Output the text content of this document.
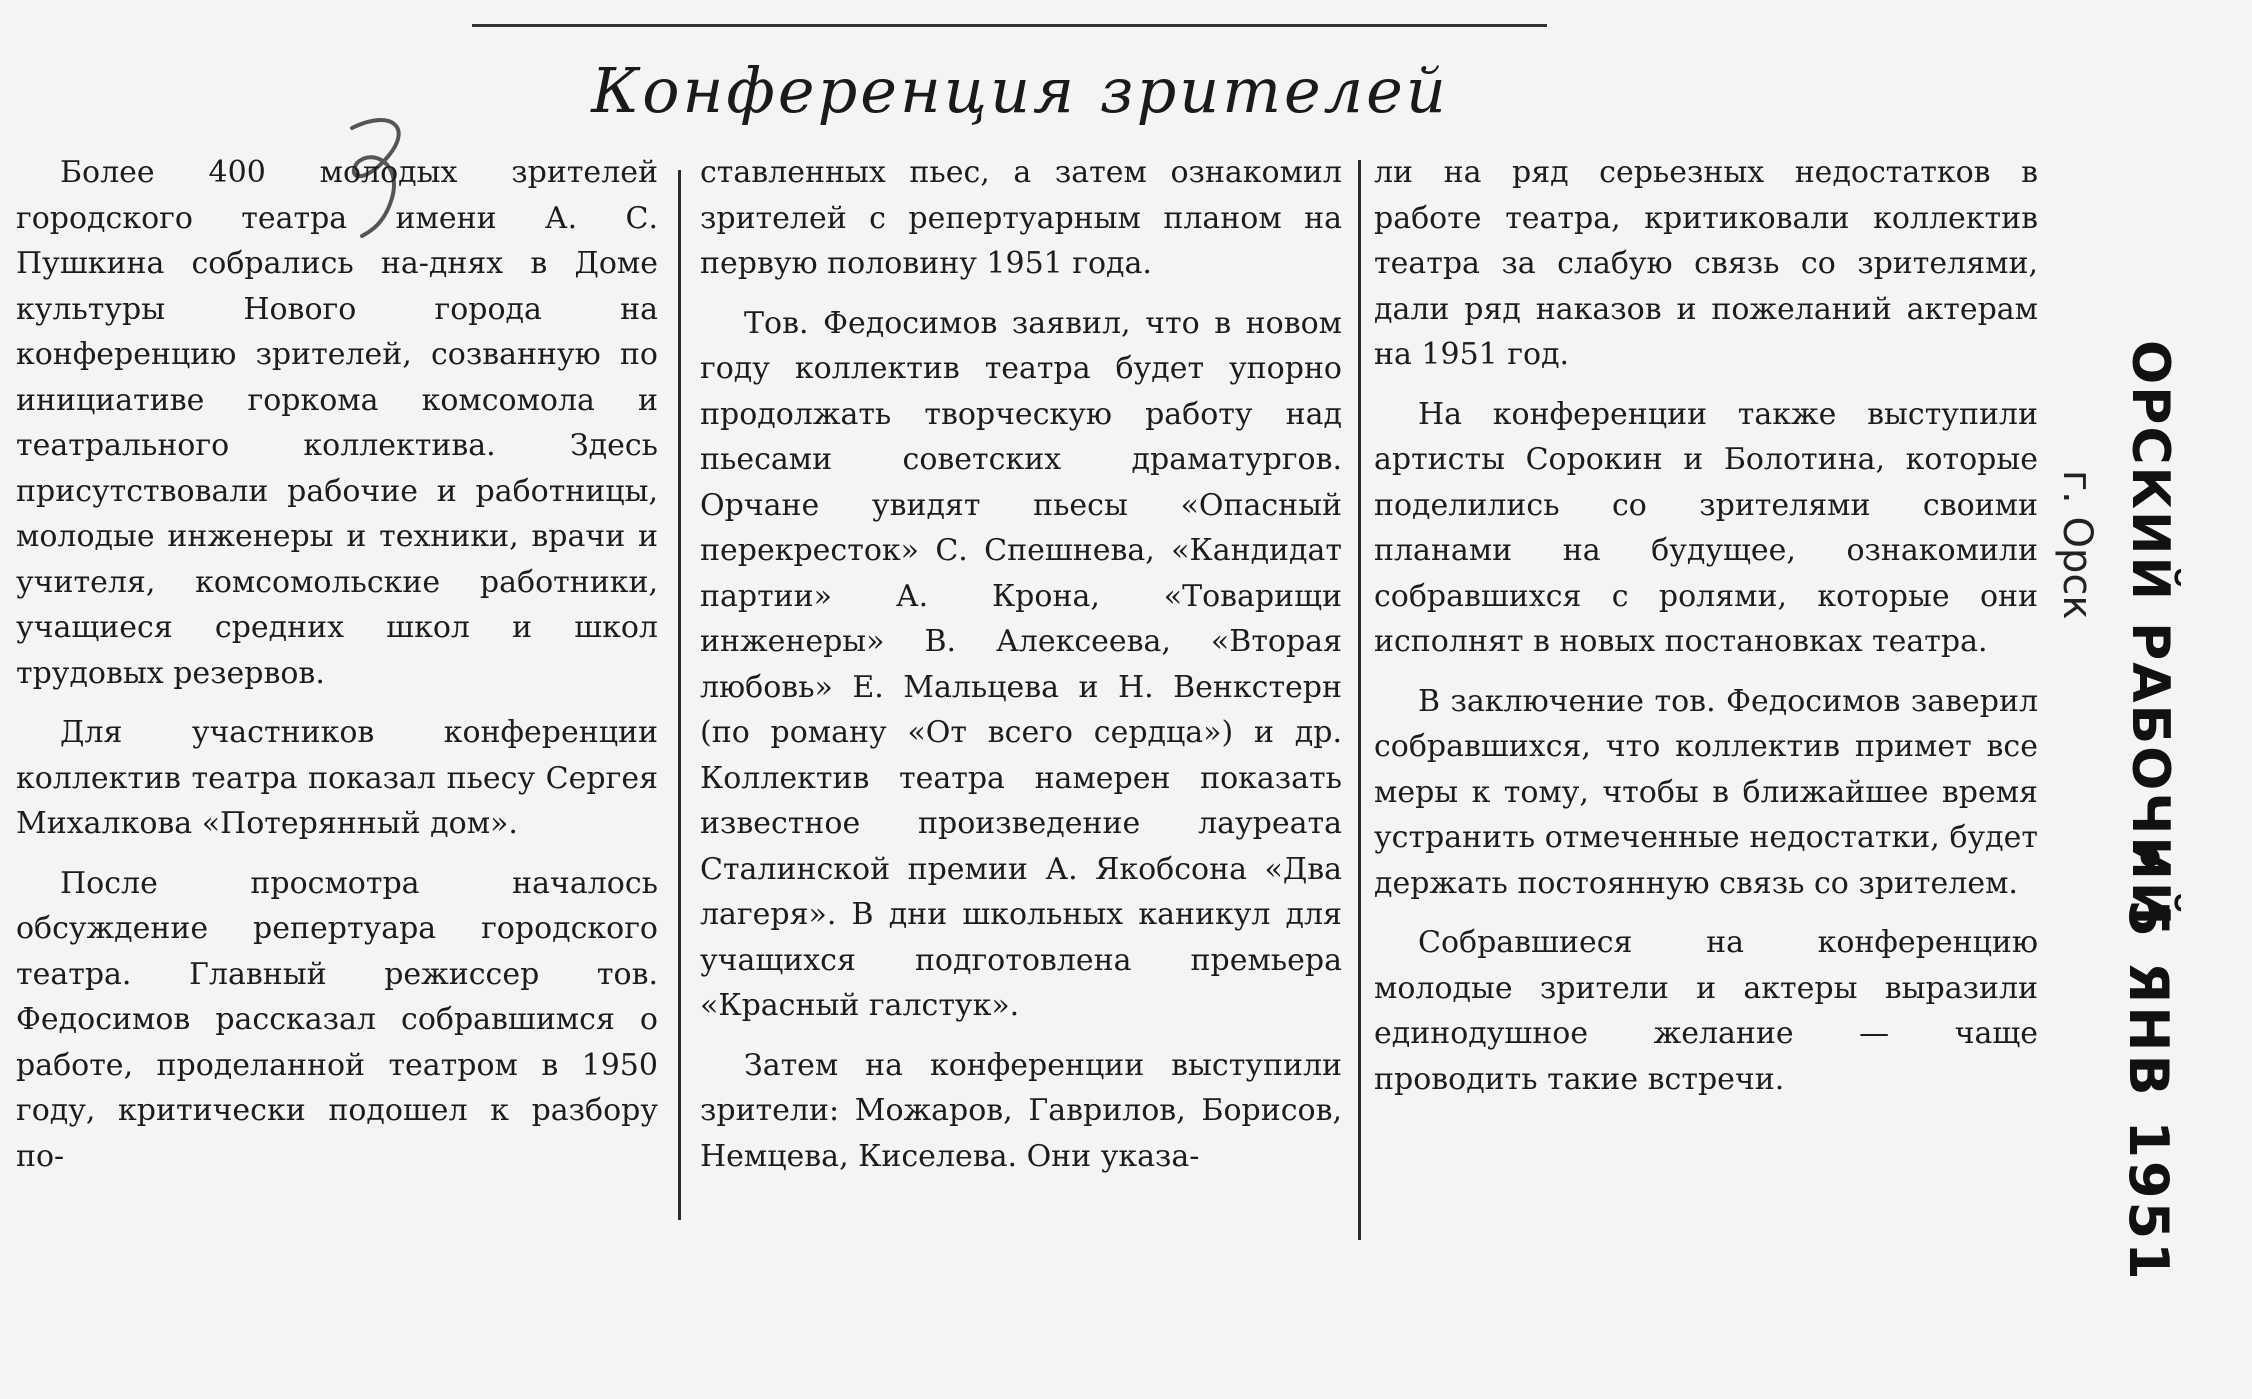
Конференция зрителей

Более 400 молодых зрителей городского театра имени А. С. Пушкина собрались на-днях в Доме культуры Нового города на конференцию зрителей, созванную по инициативе горкома комсомола и театрального коллектива. Здесь присутствовали рабочие и работницы, молодые инженеры и техники, врачи и учителя, комсомольские работники, учащиеся средних школ и школ трудовых резервов.

Для участников конференции коллектив театра показал пьесу Сергея Михалкова «Потерянный дом».

После просмотра началось обсуждение репертуара городского театра. Главный режиссер тов. Федосимов рассказал собравшимся о работе, проделанной театром в 1950 году, критически подошел к разбору по-

ставленных пьес, а затем ознакомил зрителей с репертуарным планом на первую половину 1951 года.

Тов. Федосимов заявил, что в новом году коллектив театра будет упорно продолжать творческую работу над пьесами советских драматургов. Орчане увидят пьесы «Опасный перекресток» С. Спешнева, «Кандидат партии» А. Крона, «Товарищи инженеры» В. Алексеева, «Вторая любовь» Е. Мальцева и Н. Венкстерн (по роману «От всего сердца») и др. Коллектив театра намерен показать известное произведение лауреата Сталинской премии А. Якобсона «Два лагеря». В дни школьных каникул для учащихся подготовлена премьера «Красный галстук».

Затем на конференции выступили зрители: Можаров, Гаврилов, Борисов, Немцева, Киселева. Они указа-

ли на ряд серьезных недостатков в работе театра, критиковали коллектив театра за слабую связь со зрителями, дали ряд наказов и пожеланий актерам на 1951 год.

На конференции также выступили артисты Сорокин и Болотина, которые поделились со зрителями своими планами на будущее, ознакомили собравшихся с ролями, которые они исполнят в новых постановках театра.

В заключение тов. Федосимов заверил собравшихся, что коллектив примет все меры к тому, чтобы в ближайшее время устранить отмеченные недостатки, будет держать постоянную связь со зрителем.

Собравшиеся на конференцию молодые зрители и актеры выразили единодушное желание — чаще проводить такие встречи.

ОРСКИЙ РАБОЧИЙ
г. Орск
• 5 ЯНВ 1951
